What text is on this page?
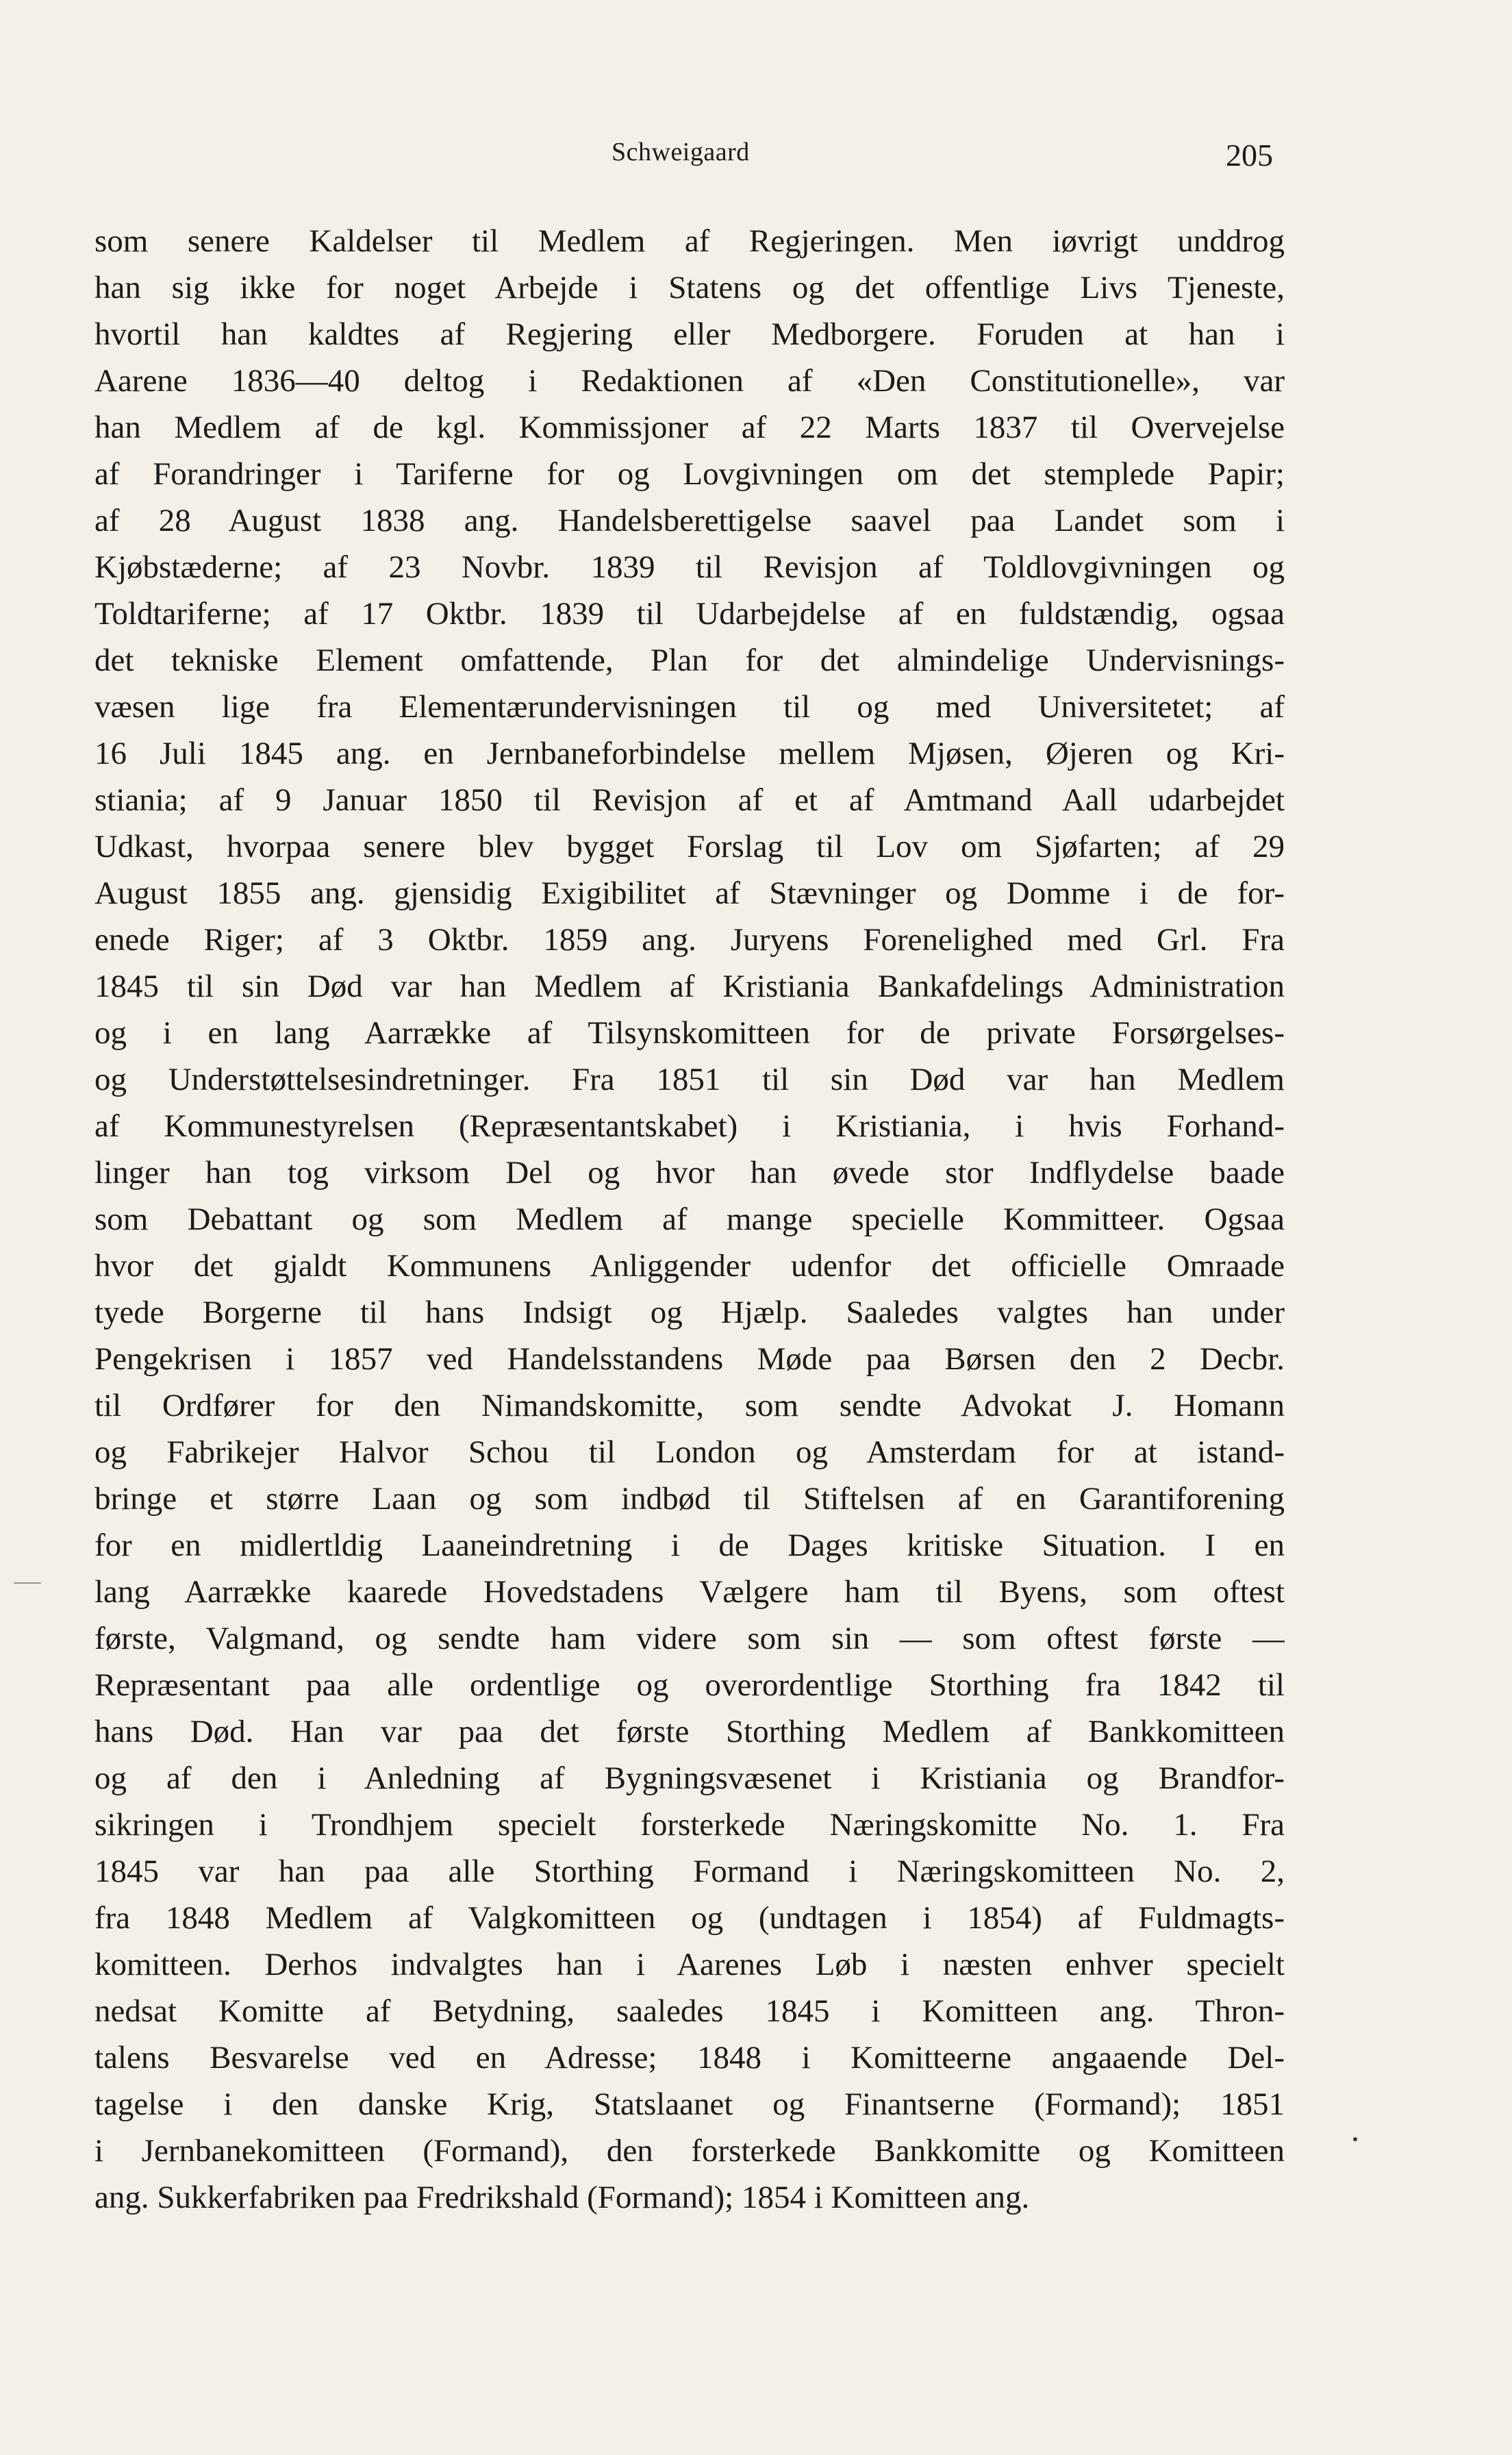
Schweigaard	205
som senere Kaldelser til Medlem af Regjeringen. Men iøvrigt unddrog
han sig ikke for noget Arbejde i Statens og det offentlige Livs Tjeneste,
hvortil han kaldtes af Regjering eller Medborgere. Foruden at han i
Aarene 1836—40 deltog i Redaktionen af «Den Constitutionelle», var
han Medlem af de kgl. Kommissjoner af 22 Marts 1837 til Overvejelse
af Forandringer i Tariferne for og Lovgivningen om det stemplede Papir;
af 28 August 1838 ang. Handelsberettigelse saavel paa Landet som i
Kjøbstæderne; af 23 Novbr. 1839 til Revisjon af Toldlovgivningen og
Toldtariferne; af 17 Oktbr. 1839 til Udarbejdelse af en fuldstændig, ogsaa
det tekniske Element omfattende, Plan for det almindelige Undervisnings-
væsen lige fra Elementærundervisningen til og med Universitetet; af
16 Juli 1845 ang. en Jernbaneforbindelse mellem Mjøsen, Øjeren og Kri-
stiania; af 9 Januar 1850 til Revisjon af et af Amtmand Aall udarbejdet
Udkast, hvorpaa senere blev bygget Forslag til Lov om Sjøfarten; af 29
August 1855 ang. gjensidig Exigibilitet af Stævninger og Domme i de for-
enede Riger; af 3 Oktbr. 1859 ang. Juryens Forenelighed med Grl. Fra
1845 til sin Død var han Medlem af Kristiania Bankafdelings Administration
og i en lang Aarrække af Tilsynskomitteen for de private Forsørgelses-
og Understøttelsesindretninger. Fra 1851 til sin Død var han Medlem
af Kommunestyrelsen (Repræsentantskabet) i Kristiania, i hvis Forhand-
linger han tog virksom Del og hvor han øvede stor Indflydelse baade
som Debattant og som Medlem af mange specielle Kommitteer. Ogsaa
hvor det gjaldt Kommunens Anliggender udenfor det officielle Omraade
tyede Borgerne til hans Indsigt og Hjælp. Saaledes valgtes han under
Pengekrisen i 1857 ved Handelsstandens Møde paa Børsen den 2 Decbr.
til Ordfører for den Nimandskomitte, som sendte Advokat J. Homann
og Fabrikejer Halvor Schou til London og Amsterdam for at istand-
bringe et større Laan og som indbød til Stiftelsen af en Garantiforening
for en midlertldig Laaneindretning i de Dages kritiske Situation. I en
lang Aarrække kaarede Hovedstadens Vælgere ham til Byens, som oftest
første, Valgmand, og sendte ham videre som sin — som oftest første —
Repræsentant paa alle ordentlige og overordentlige Storthing fra 1842 til
hans Død. Han var paa det første Storthing Medlem af Bankkomitteen
og af den i Anledning af Bygningsvæsenet i Kristiania og Brandfor-
sikringen i Trondhjem specielt forsterkede Næringskomitte No. 1. Fra
1845 var han paa alle Storthing Formand i Næringskomitteen No. 2,
fra 1848 Medlem af Valgkomitteen og (undtagen i 1854) af Fuldmagts-
komitteen. Derhos indvalgtes han i Aarenes Løb i næsten enhver specielt
nedsat Komitte af Betydning, saaledes 1845 i Komitteen ang. Thron-
talens Besvarelse ved en Adresse; 1848 i Komitteerne angaaende Del-
tagelse i den danske Krig, Statslaanet og Finantserne (Formand); 1851
i Jernbanekomitteen (Formand), den forsterkede Bankkomitte og Komitteen
ang. Sukkerfabriken paa Fredrikshald (Formand); 1854 i Komitteen ang.
